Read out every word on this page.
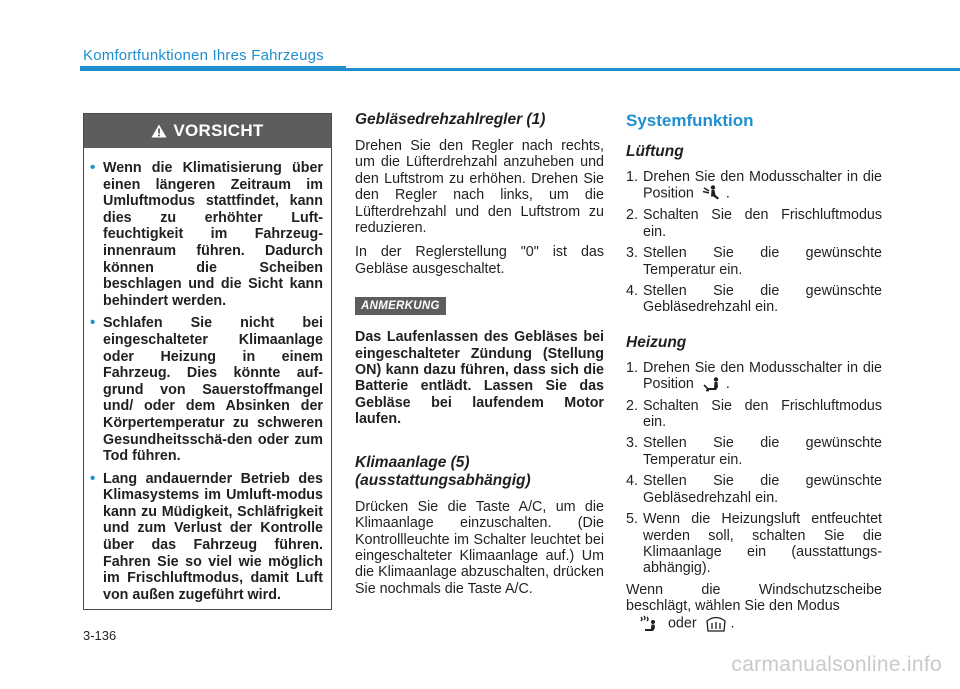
Komfortfunktionen Ihres Fahrzeugs
VORSICHT
• Wenn die Klimatisierung über einen längeren Zeitraum im Umluftmodus stattfindet, kann dies zu erhöhter Luft-feuchtigkeit im Fahrzeug-innenraum führen. Dadurch können die Scheiben beschlagen und die Sicht kann behindert werden.
• Schlafen Sie nicht bei eingeschalteter Klimaanlage oder Heizung in einem Fahrzeug. Dies könnte auf-grund von Sauerstoffmangel und/ oder dem Absinken der Körpertemperatur zu schweren Gesundheitsschä-den oder zum Tod führen.
• Lang andauernder Betrieb des Klimasystems im Umluft-modus kann zu Müdigkeit, Schläfrigkeit und zum Verlust der Kontrolle über das Fahrzeug führen. Fahren Sie so viel wie möglich im Frischluftmodus, damit Luft von außen zugeführt wird.
Gebläsedrehzahlregler (1)

Drehen Sie den Regler nach rechts, um die Lüfterdrehzahl anzuheben und den Luftstrom zu erhöhen. Drehen Sie den Regler nach links, um die Lüfterdrehzahl und den Luftstrom zu reduzieren.

In der Reglerstellung "0" ist das Gebläse ausgeschaltet.

ANMERKUNG

Das Laufenlassen des Gebläses bei eingeschalteter Zündung (Stellung ON) kann dazu führen, dass sich die Batterie entlädt. Lassen Sie das Gebläse bei laufendem Motor laufen.

Klimaanlage (5)
(ausstattungsabhängig)

Drücken Sie die Taste A/C, um die Klimaanlage einzuschalten. (Die Kontrollleuchte im Schalter leuchtet bei eingeschalteter Klimaanlage auf.) Um die Klimaanlage abzuschalten, drücken Sie nochmals die Taste A/C.

Systemfunktion
Lüftung
1. Drehen Sie den Modusschalter in die Position .
2. Schalten Sie den Frischluftmodus ein.
3. Stellen Sie die gewünschte Temperatur ein.
4. Stellen Sie die gewünschte Gebläsedrehzahl ein.
Heizung
1. Drehen Sie den Modusschalter in die Position .
2. Schalten Sie den Frischluftmodus ein.
3. Stellen Sie die gewünschte Temperatur ein.
4. Stellen Sie die gewünschte Gebläsedrehzahl ein.
5. Wenn die Heizungsluft entfeuchtet werden soll, schalten Sie die Klimaanlage ein (ausstattungs-abhängig).

Wenn die Windschutzscheibe beschlägt, wählen Sie den Modus
oder .

3-136
carmanualsonline.info
